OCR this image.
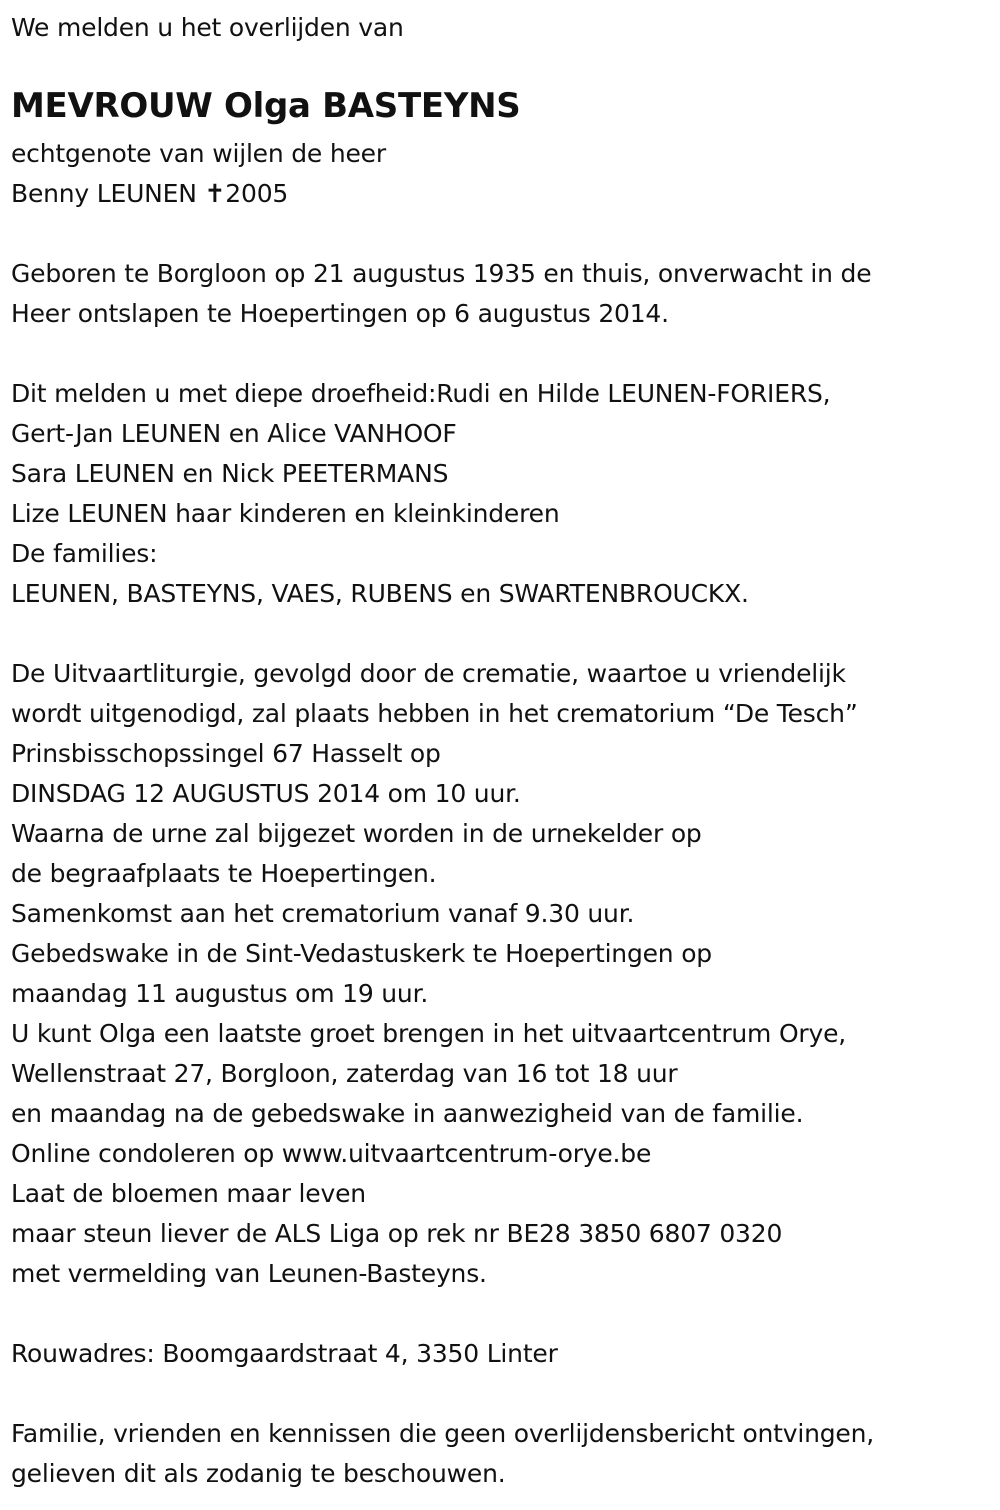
We melden u het overlijden van
MEVROUW Olga BASTEYNS
echtgenote van wijlen de heer
Benny LEUNEN ✝2005
Geboren te Borgloon op 21 augustus 1935 en thuis, onverwacht in de
Heer ontslapen te Hoepertingen op 6 augustus 2014.
Dit melden u met diepe droefheid:Rudi en Hilde LEUNEN-FORIERS,
Gert-Jan LEUNEN en Alice VANHOOF
Sara LEUNEN en Nick PEETERMANS
Lize LEUNEN haar kinderen en kleinkinderen
De families:
LEUNEN, BASTEYNS, VAES, RUBENS en SWARTENBROUCKX.
De Uitvaartliturgie, gevolgd door de crematie, waartoe u vriendelijk
wordt uitgenodigd, zal plaats hebben in het crematorium “De Tesch”
Prinsbisschopssingel 67 Hasselt op
DINSDAG 12 AUGUSTUS 2014 om 10 uur.
Waarna de urne zal bijgezet worden in de urnekelder op
de begraafplaats te Hoepertingen.
Samenkomst aan het crematorium vanaf 9.30 uur.
Gebedswake in de Sint-Vedastuskerk te Hoepertingen op
maandag 11 augustus om 19 uur.
U kunt Olga een laatste groet brengen in het uitvaartcentrum Orye,
Wellenstraat 27, Borgloon, zaterdag van 16 tot 18 uur
en maandag na de gebedswake in aanwezigheid van de familie.
Online condoleren op www.uitvaartcentrum-orye.be
Laat de bloemen maar leven
maar steun liever de ALS Liga op rek nr BE28 3850 6807 0320
met vermelding van Leunen-Basteyns.
Rouwadres: Boomgaardstraat 4, 3350 Linter
Familie, vrienden en kennissen die geen overlijdensbericht ontvingen,
gelieven dit als zodanig te beschouwen.
